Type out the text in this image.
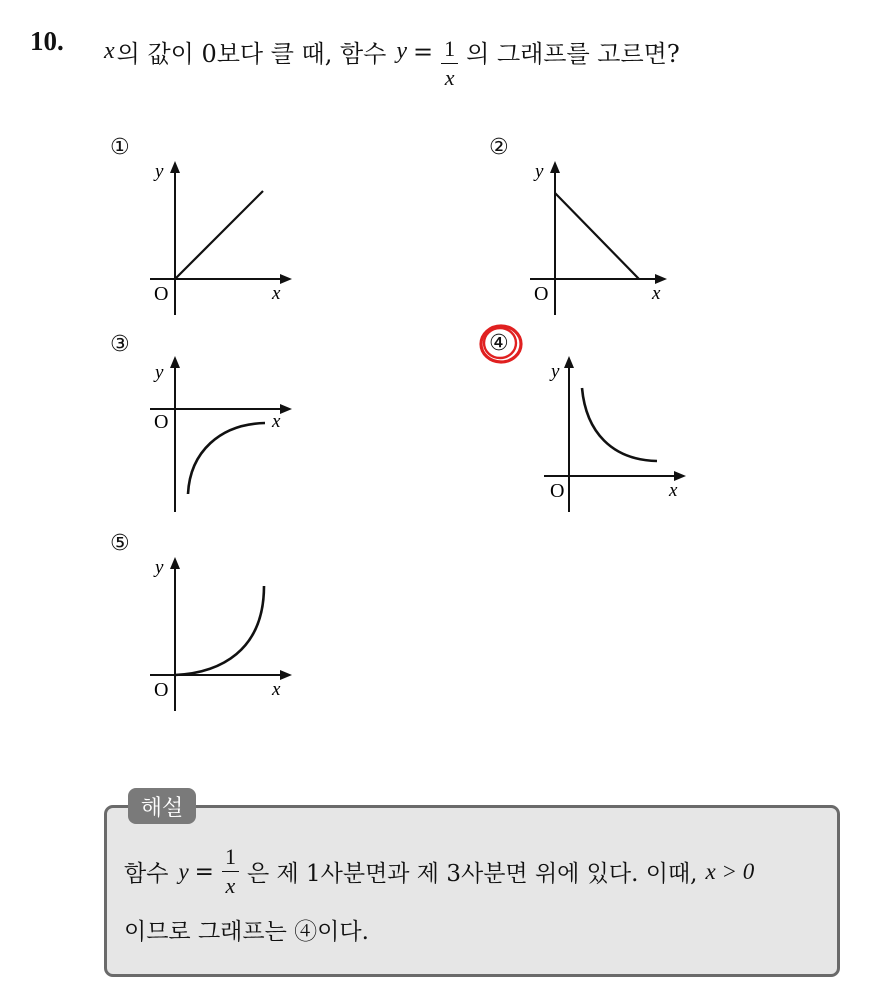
10. x 의 값이 0보다 클 때, 함수 $y = \frac{1}{x}$ 의 그래프를 고르면?
①	②
③	④
⑤
y
x
O
y
x
O
y
x
O
y
x
O
y
x
O
해설
함수 $y = \frac{1}{x}$ 은 제 1사분면과 제 3사분면 위에 있다. 이때, x > 0
이므로 그래프는 ④이다.
